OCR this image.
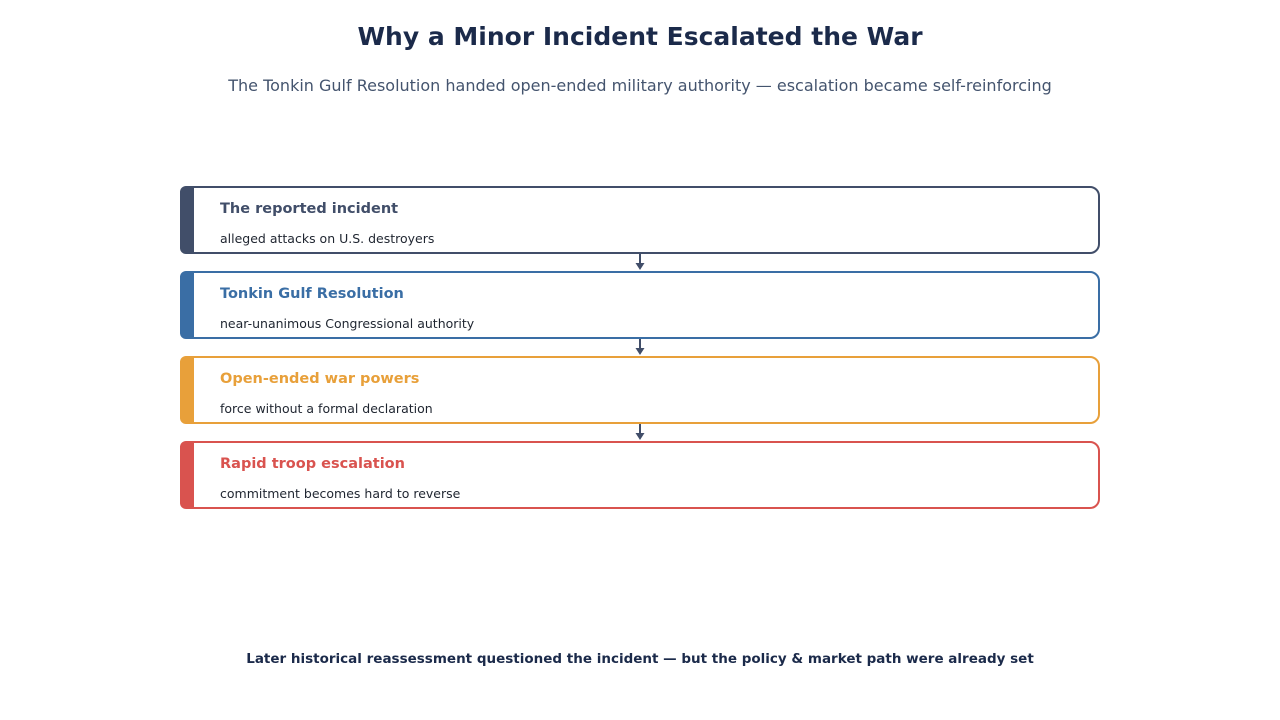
Why a Minor Incident Escalated the War
The Tonkin Gulf Resolution handed open-ended military authority — escalation became self-reinforcing
The reported incident
alleged attacks on U.S. destroyers
Tonkin Gulf Resolution
near-unanimous Congressional authority
Open-ended war powers
force without a formal declaration
Rapid troop escalation
commitment becomes hard to reverse
Later historical reassessment questioned the incident — but the policy & market path were already set
